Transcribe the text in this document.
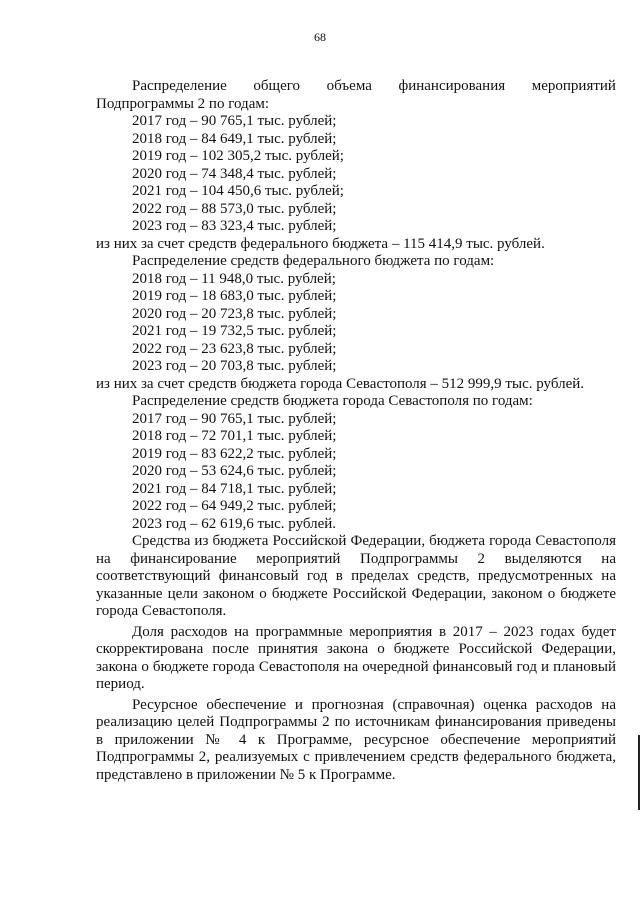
68
Распределение общего объема финансирования мероприятий
Подпрограммы 2 по годам:
2017 год – 90 765,1 тыс. рублей;
2018 год – 84 649,1 тыс. рублей;
2019 год – 102 305,2 тыс. рублей;
2020 год – 74 348,4 тыс. рублей;
2021 год – 104 450,6 тыс. рублей;
2022 год – 88 573,0 тыс. рублей;
2023 год – 83 323,4 тыс. рублей;
из них за счет средств федерального бюджета – 115 414,9 тыс. рублей.
Распределение средств федерального бюджета по годам:
2018 год – 11 948,0 тыс. рублей;
2019 год – 18 683,0 тыс. рублей;
2020 год – 20 723,8 тыс. рублей;
2021 год – 19 732,5 тыс. рублей;
2022 год – 23 623,8 тыс. рублей;
2023 год – 20 703,8 тыс. рублей;
из них за счет средств бюджета города Севастополя – 512 999,9 тыс. рублей.
Распределение средств бюджета города Севастополя по годам:
2017 год – 90 765,1 тыс. рублей;
2018 год – 72 701,1 тыс. рублей;
2019 год – 83 622,2 тыс. рублей;
2020 год – 53 624,6 тыс. рублей;
2021 год – 84 718,1 тыс. рублей;
2022 год – 64 949,2 тыс. рублей;
2023 год – 62 619,6 тыс. рублей.
Средства из бюджета Российской Федерации, бюджета города Севастополя на финансирование мероприятий Подпрограммы 2 выделяются на соответствующий финансовый год в пределах средств, предусмотренных на указанные цели законом о бюджете Российской Федерации, законом о бюджете города Севастополя.
Доля расходов на программные мероприятия в 2017 – 2023 годах будет скорректирована после принятия закона о бюджете Российской Федерации, закона о бюджете города Севастополя на очередной финансовый год и плановый период.
Ресурсное обеспечение и прогнозная (справочная) оценка расходов на реализацию целей Подпрограммы 2 по источникам финансирования приведены в приложении № 4 к Программе, ресурсное обеспечение мероприятий Подпрограммы 2, реализуемых с привлечением средств федерального бюджета, представлено в приложении № 5 к Программе.
